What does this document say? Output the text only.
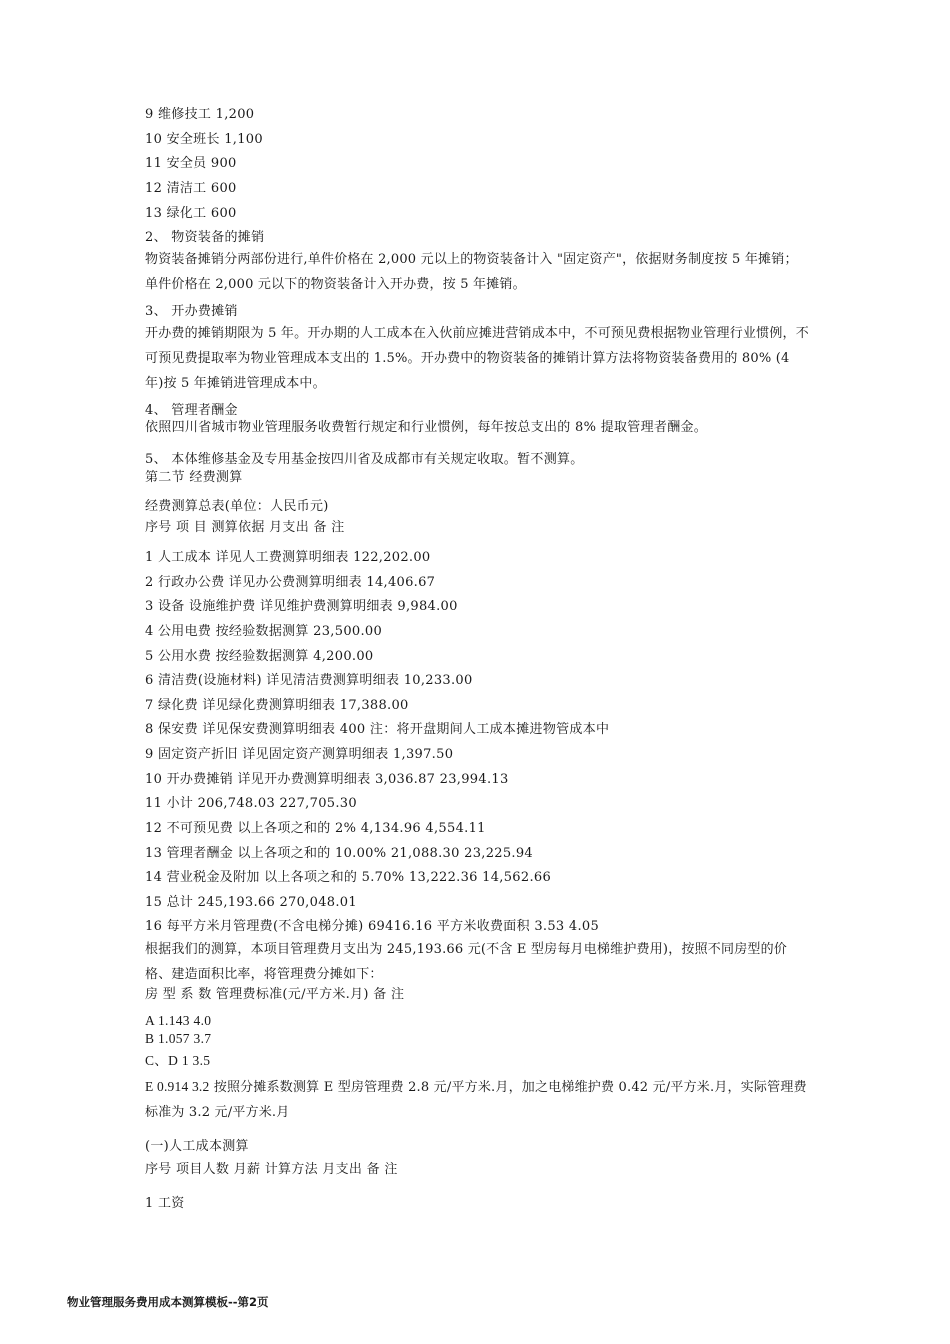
9 维修技工 1,200
10 安全班长 1,100
11 安全员 900
12 清洁工 600
13 绿化工 600
2、 物资装备的摊销
物资装备摊销分两部份进行,单件价格在 2,000 元以上的物资装备计入 "固定资产"，依据财务制度按 5 年摊销；单件价格在 2,000 元以下的物资装备计入开办费，按 5 年摊销。
3、 开办费摊销
开办费的摊销期限为 5 年。开办期的人工成本在入伙前应摊进营销成本中，不可预见费根据物业管理行业惯例，不可预见费提取率为物业管理成本支出的 1.5%。开办费中的物资装备的摊销计算方法将物资装备费用的 80% (4 年)按 5 年摊销进管理成本中。
4、 管理者酬金
依照四川省城市物业管理服务收费暂行规定和行业惯例，每年按总支出的 8% 提取管理者酬金。
5、 本体维修基金及专用基金按四川省及成都市有关规定收取。暂不测算。
第二节 经费测算
经费测算总表(单位：人民币元)
序号 项 目 测算依据 月支出 备 注
1 人工成本 详见人工费测算明细表 122,202.00
2 行政办公费 详见办公费测算明细表 14,406.67
3 设备 设施维护费 详见维护费测算明细表 9,984.00
4 公用电费 按经验数据测算 23,500.00
5 公用水费 按经验数据测算 4,200.00
6 清洁费(设施材料) 详见清洁费测算明细表 10,233.00
7 绿化费 详见绿化费测算明细表 17,388.00
8 保安费 详见保安费测算明细表 400 注：将开盘期间人工成本摊进物管成本中
9 固定资产折旧 详见固定资产测算明细表 1,397.50
10 开办费摊销 详见开办费测算明细表 3,036.87 23,994.13
11 小计 206,748.03 227,705.30
12 不可预见费 以上各项之和的 2% 4,134.96 4,554.11
13 管理者酬金 以上各项之和的 10.00% 21,088.30 23,225.94
14 营业税金及附加 以上各项之和的 5.70% 13,222.36 14,562.66
15 总计 245,193.66 270,048.01
16 每平方米月管理费(不含电梯分摊) 69416.16 平方米收费面积 3.53 4.05
根据我们的测算，本项目管理费月支出为 245,193.66 元(不含 E 型房每月电梯维护费用)，按照不同房型的价格、建造面积比率，将管理费分摊如下：
房 型 系 数 管理费标准(元/平方米.月) 备 注
A 1.143 4.0
B 1.057 3.7
C、D 1 3.5
E 0.914 3.2 按照分摊系数测算 E 型房管理费 2.8 元/平方米.月，加之电梯维护费 0.42 元/平方米.月，实际管理费标准为 3.2 元/平方米.月
(一)人工成本测算
序号 项目人数 月薪 计算方法 月支出 备 注
1 工资
物业管理服务费用成本测算模板--第2页
